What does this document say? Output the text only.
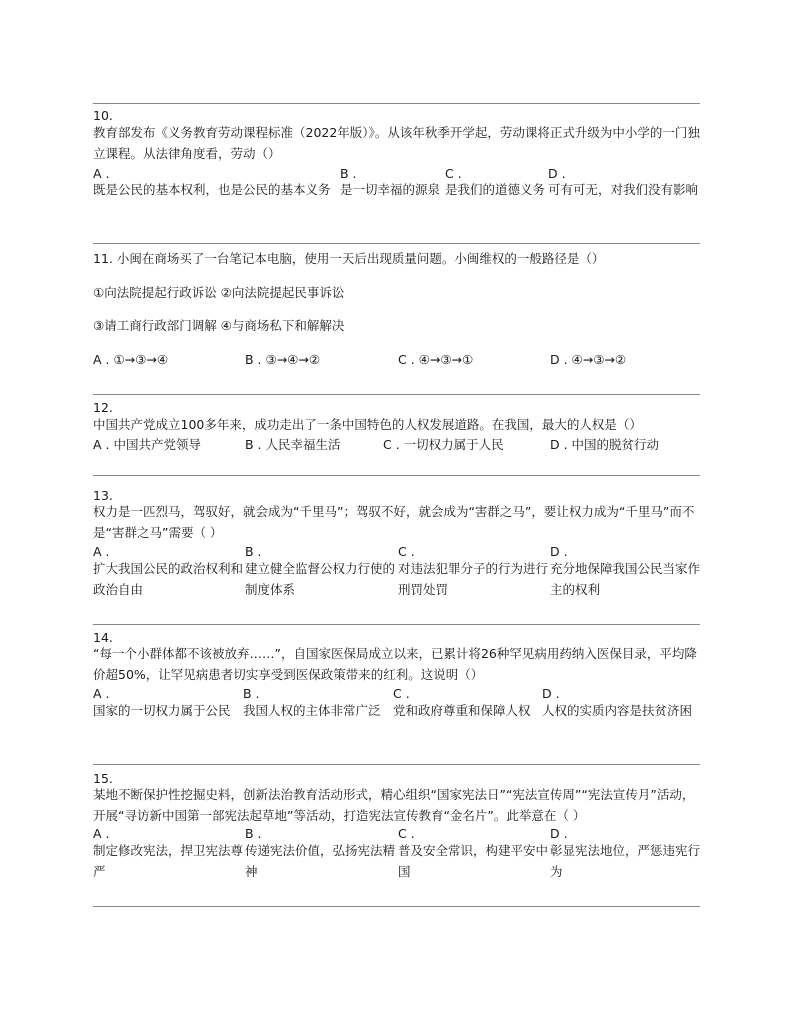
10.
教育部发布《义务教育劳动课程标准（2022年版）》。从该年秋季开学起，劳动课将正式升级为中小学的一门独立课程。从法律角度看，劳动（）
A .
既是公民的基本权利，也是公民的基本义务
B .
是一切幸福的源泉
C .
是我们的道德义务
D .
可有可无，对我们没有影响
11. 小闽在商场买了一台笔记本电脑，使用一天后出现质量问题。小闽维权的一般路径是（）
①向法院提起行政诉讼 ②向法院提起民事诉讼
③请工商行政部门调解 ④与商场私下和解解决
A . ①→③→④	B . ③→④→②	C . ④→③→①	D . ④→③→②
12.
中国共产党成立100多年来，成功走出了一条中国特色的人权发展道路。在我国，最大的人权是（）
A . 中国共产党领导	B . 人民幸福生活	C . 一切权力属于人民	D . 中国的脱贫行动
13.
权力是一匹烈马，驾驭好，就会成为“千里马”；驾驭不好，就会成为“害群之马”，要让权力成为“千里马”而不是“害群之马”需要（ ）
A .
扩大我国公民的政治权利和政治自由
B .
建立健全监督公权力行使的制度体系
C .
对违法犯罪分子的行为进行刑罚处罚
D .
充分地保障我国公民当家作主的权利
14.
“每一个小群体都不该被放弃……”，自国家医保局成立以来，已累计将26种罕见病用药纳入医保目录，平均降价超50%，让罕见病患者切实享受到医保政策带来的红利。这说明（）
A .
国家的一切权力属于公民
B .
我国人权的主体非常广泛
C .
党和政府尊重和保障人权
D .
人权的实质内容是扶贫济困
15.
某地不断保护性挖掘史料，创新法治教育活动形式，精心组织“国家宪法日”“宪法宣传周”“宪法宣传月”活动，开展“寻访新中国第一部宪法起草地”等活动，打造宪法宣传教育“金名片”。此举意在（ ）
A .
制定修改宪法，捍卫宪法尊严
B .
传递宪法价值，弘扬宪法精神
C .
普及安全常识，构建平安中国
D .
彰显宪法地位，严惩违宪行为
